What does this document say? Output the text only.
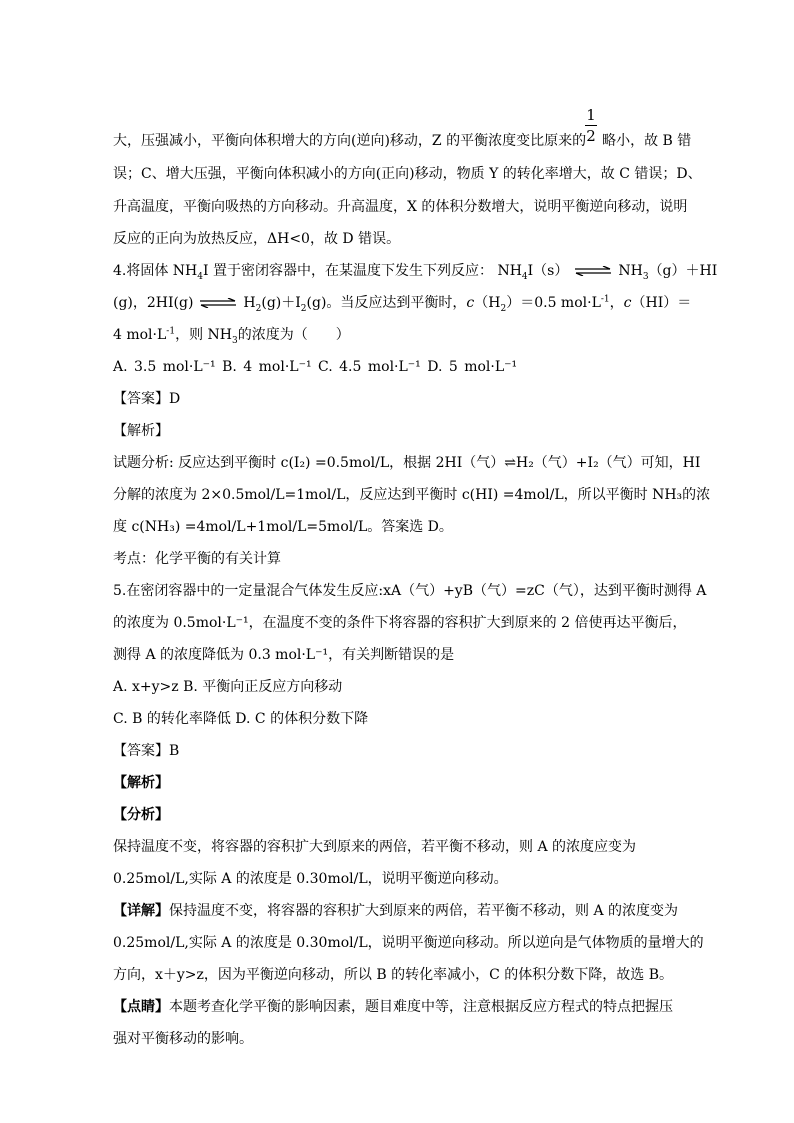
1
2
大，压强减小，平衡向体积增大的方向(逆向)移动，Z 的平衡浓度变比原来的 略小，故 B 错
误；C、增大压强，平衡向体积减小的方向(正向)移动，物质 Y 的转化率增大，故 C 错误；D、
升高温度，平衡向吸热的方向移动。升高温度，X 的体积分数增大，说明平衡逆向移动，说明
反应的正向为放热反应，ΔH<0，故 D 错误。
4.将固体 $NH_4I$ 置于密闭容器中，在某温度下发生下列反应： $NH_4I(s)$ ⇌ $NH_3(g)+HI$
(g)，2HI(g) ⇌ $H_2(g)+I_2(g)$。当反应达到平衡时，$c(H_2)=0.5$ $mol\cdot L^{-1}$，c（HI）＝
4 $mol\cdot L^{-1}$，则 $NH_3$的浓度为（　　）
A. 3.5 mol·L⁻¹ B. 4 mol·L⁻¹ C. 4.5 mol·L⁻¹ D. 5 mol·L⁻¹
【答案】D
【解析】
试题分析: 反应达到平衡时 c(I₂) =0.5mol/L，根据 2HI（气）⇌H₂（气）+I₂（气）可知，HI
分解的浓度为 2×0.5mol/L=1mol/L，反应达到平衡时 c(HI) =4mol/L，所以平衡时 NH₃的浓
度 c(NH₃) =4mol/L+1mol/L=5mol/L。答案选 D。
考点：化学平衡的有关计算
5.在密闭容器中的一定量混合气体发生反应:xA（气）+yB（气）=zC（气），达到平衡时测得 A
的浓度为 0.5mol·L⁻¹，在温度不变的条件下将容器的容积扩大到原来的 2 倍使再达平衡后，
测得 A 的浓度降低为 0.3 mol·L⁻¹，有关判断错误的是
A. x+y>z B. 平衡向正反应方向移动
C. B 的转化率降低 D. C 的体积分数下降
【答案】B
【解析】
【分析】
保持温度不变，将容器的容积扩大到原来的两倍，若平衡不移动，则 A 的浓度应变为
0.25mol/L,实际 A 的浓度是 0.30mol/L，说明平衡逆向移动。
【详解】保持温度不变，将容器的容积扩大到原来的两倍，若平衡不移动，则 A 的浓度变为
0.25mol/L,实际 A 的浓度是 0.30mol/L，说明平衡逆向移动。所以逆向是气体物质的量增大的
方向，x＋y>z，因为平衡逆向移动，所以 B 的转化率减小，C 的体积分数下降，故选 B。
【点睛】本题考查化学平衡的影响因素，题目难度中等，注意根据反应方程式的特点把握压
强对平衡移动的影响。
